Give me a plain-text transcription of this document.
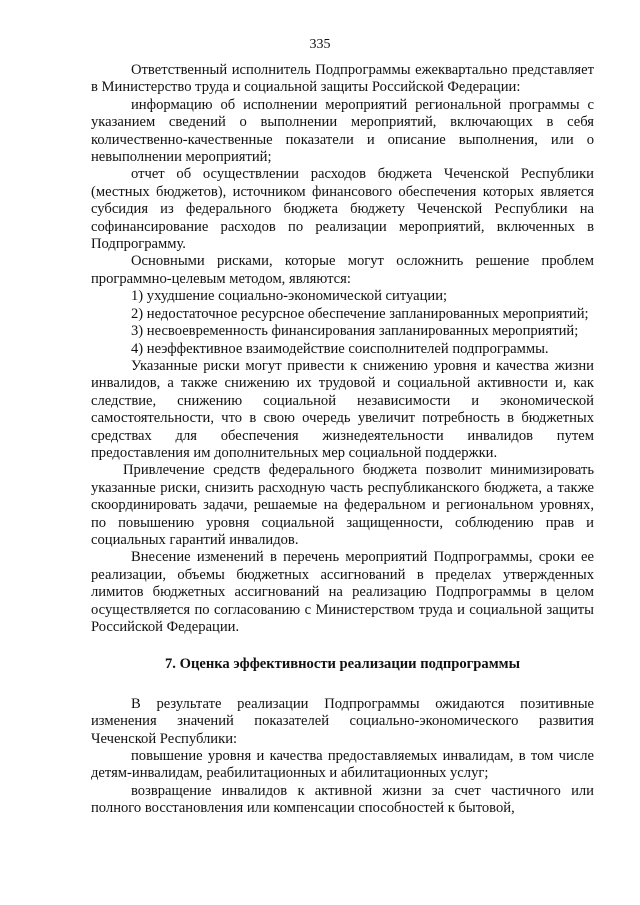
335

Ответственный исполнитель Подпрограммы ежеквартально представляет в Министерство труда и социальной защиты Российской Федерации:

информацию об исполнении мероприятий региональной программы с указанием сведений о выполнении мероприятий, включающих в себя количественно-качественные показатели и описание выполнения, или о невыполнении мероприятий;

отчет об осуществлении расходов бюджета Чеченской Республики (местных бюджетов), источником финансового обеспечения которых является субсидия из федерального бюджета бюджету Чеченской Республики на софинансирование расходов по реализации мероприятий, включенных в Подпрограмму.

Основными рисками, которые могут осложнить решение проблем программно-целевым методом, являются:

1) ухудшение социально-экономической ситуации;

2) недостаточное ресурсное обеспечение запланированных мероприятий;

3) несвоевременность финансирования запланированных мероприятий;

4) неэффективное взаимодействие соисполнителей подпрограммы.

Указанные риски могут привести к снижению уровня и качества жизни инвалидов, а также снижению их трудовой и социальной активности и, как следствие, снижению социальной независимости и экономической самостоятельности, что в свою очередь увеличит потребность в бюджетных средствах для обеспечения жизнедеятельности инвалидов путем предоставления им дополнительных мер социальной поддержки.

Привлечение средств федерального бюджета позволит минимизировать указанные риски, снизить расходную часть республиканского бюджета, а также скоординировать задачи, решаемые на федеральном и региональном уровнях, по повышению уровня социальной защищенности, соблюдению прав и социальных гарантий инвалидов.

Внесение изменений в перечень мероприятий Подпрограммы, сроки ее реализации, объемы бюджетных ассигнований в пределах утвержденных лимитов бюджетных ассигнований на реализацию Подпрограммы в целом осуществляется по согласованию с Министерством труда и социальной защиты Российской Федерации.

7. Оценка эффективности реализации подпрограммы

В результате реализации Подпрограммы ожидаются позитивные изменения значений показателей социально-экономического развития Чеченской Республики:

повышение уровня и качества предоставляемых инвалидам, в том числе детям-инвалидам, реабилитационных и абилитационных услуг;

возвращение инвалидов к активной жизни за счет частичного или полного восстановления или компенсации способностей к бытовой,
